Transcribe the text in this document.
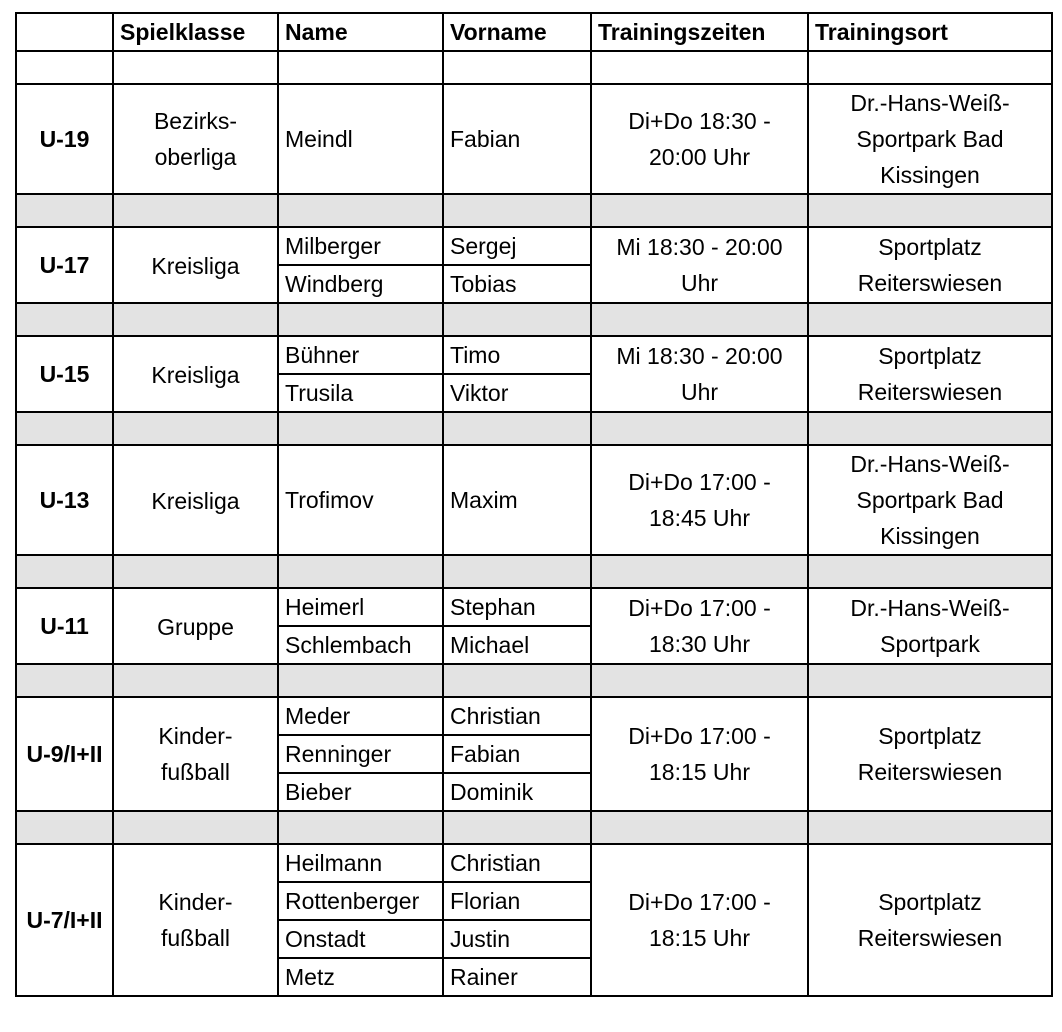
	Spielklasse	Name	Vorname	Trainingszeiten	Trainingsort

U-19	Bezirks-oberliga	Meindl	Fabian	Di+Do 18:30 - 20:00 Uhr	Dr.-Hans-Weiß-Sportpark Bad Kissingen

U-17	Kreisliga	Milberger	Sergej	Mi 18:30 - 20:00 Uhr	Sportplatz Reiterswiesen
		Windberg	Tobias		

U-15	Kreisliga	Bühner	Timo	Mi 18:30 - 20:00 Uhr	Sportplatz Reiterswiesen
		Trusila	Viktor		

U-13	Kreisliga	Trofimov	Maxim	Di+Do 17:00 - 18:45 Uhr	Dr.-Hans-Weiß-Sportpark Bad Kissingen

U-11	Gruppe	Heimerl	Stephan	Di+Do 17:00 - 18:30 Uhr	Dr.-Hans-Weiß-Sportpark
		Schlembach	Michael		

U-9/I+II	Kinder-fußball	Meder	Christian	Di+Do 17:00 - 18:15 Uhr	Sportplatz Reiterswiesen
		Renninger	Fabian		
		Bieber	Dominik		

U-7/I+II	Kinder-fußball	Heilmann	Christian	Di+Do 17:00 - 18:15 Uhr	Sportplatz Reiterswiesen
		Rottenberger	Florian		
		Onstadt	Justin		
		Metz	Rainer		
